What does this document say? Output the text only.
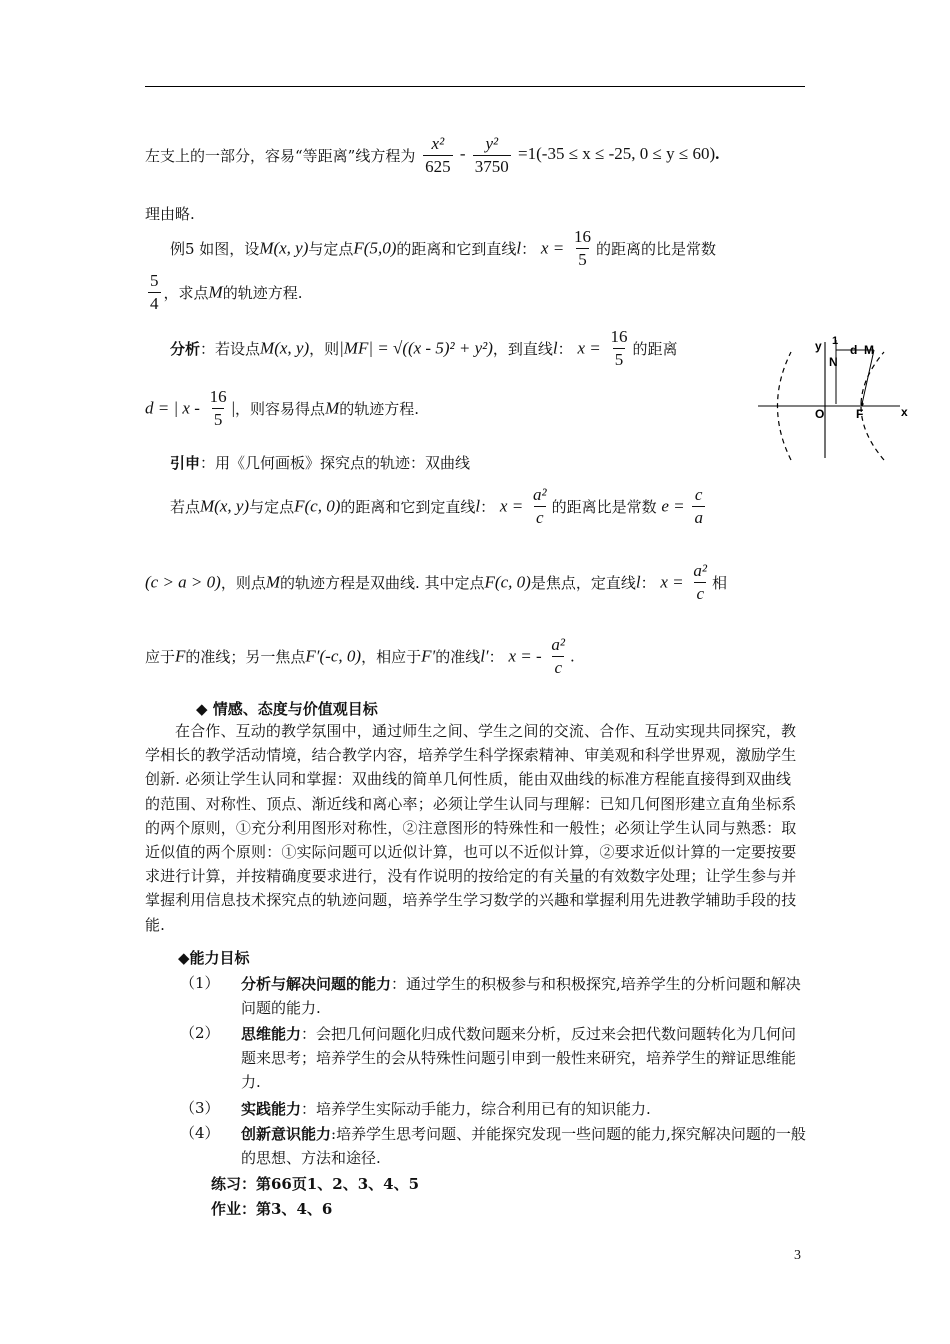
左支上的一部分，容易“等距离”线方程为 $\frac{\text{x²}}{625} - \frac{\text{y²}}{3750} =1(-35 \le x \le -25$, 0 ≤ y ≤ 60).
理由略.
例5 如图，设M(x, y)与定点F(5,0)的距离和它到直线l： $x = \frac{16}{5}$ 的距离的比是常数
$\frac{5}{4}$ ，求点M的轨迹方程.
分析：若设点M(x, y)，则|MF| = √((x - 5)² + y²)，到直线l： $x = \frac{16}{5}$ 的距离
d = | x - $\frac{16}{5}$ |，则容易得点M的轨迹方程.
引申：用《几何画板》探究点的轨迹：双曲线
若点M(x, y)与定点F(c, 0)的距离和它到定直线l： $x = \frac{\text{a²}}{c}$ 的距离比是常数 $e = \frac{c}{a}$
(c > a > 0)，则点M的轨迹方程是双曲线. 其中定点F(c, 0)是焦点，定直线l： $x = \frac{\text{a²}}{c}$ 相
应于F的准线；另一焦点F′(-c, 0)，相应于F′的准线l′： x = - $\frac{\text{a²}}{c}$ .
y 1
N
d M
O	F	x
◆ 情感、态度与价值观目标
在合作、互动的教学氛围中，通过师生之间、学生之间的交流、合作、互动实现共同探究，教学相长的教学活动情境，结合教学内容，培养学生科学探索精神、审美观和科学世界观，激励学生创新. 必须让学生认同和掌握：双曲线的简单几何性质，能由双曲线的标准方程能直接得到双曲线的范围、对称性、顶点、渐近线和离心率；必须让学生认同与理解：已知几何图形建立直角坐标系的两个原则，①充分利用图形对称性，②注意图形的特殊性和一般性；必须让学生认同与熟悉：取近似值的两个原则：①实际问题可以近似计算，也可以不近似计算，②要求近似计算的一定要按要求进行计算，并按精确度要求进行，没有作说明的按给定的有关量的有效数字处理；让学生参与并掌握利用信息技术探究点的轨迹问题，培养学生学习数学的兴趣和掌握利用先进教学辅助手段的技能.
◆能力目标
（1） 分析与解决问题的能力：通过学生的积极参与和积极探究,培养学生的分析问题和解决问题的能力.
（2） 思维能力：会把几何问题化归成代数问题来分析，反过来会把代数问题转化为几何问题来思考；培养学生的会从特殊性问题引申到一般性来研究，培养学生的辩证思维能力.
（3） 实践能力：培养学生实际动手能力，综合利用已有的知识能力.
（4） 创新意识能力:培养学生思考问题、并能探究发现一些问题的能力,探究解决问题的一般的思想、方法和途径.
练习：第66页1、2、3、4、5
作业：第3、4、6
3
